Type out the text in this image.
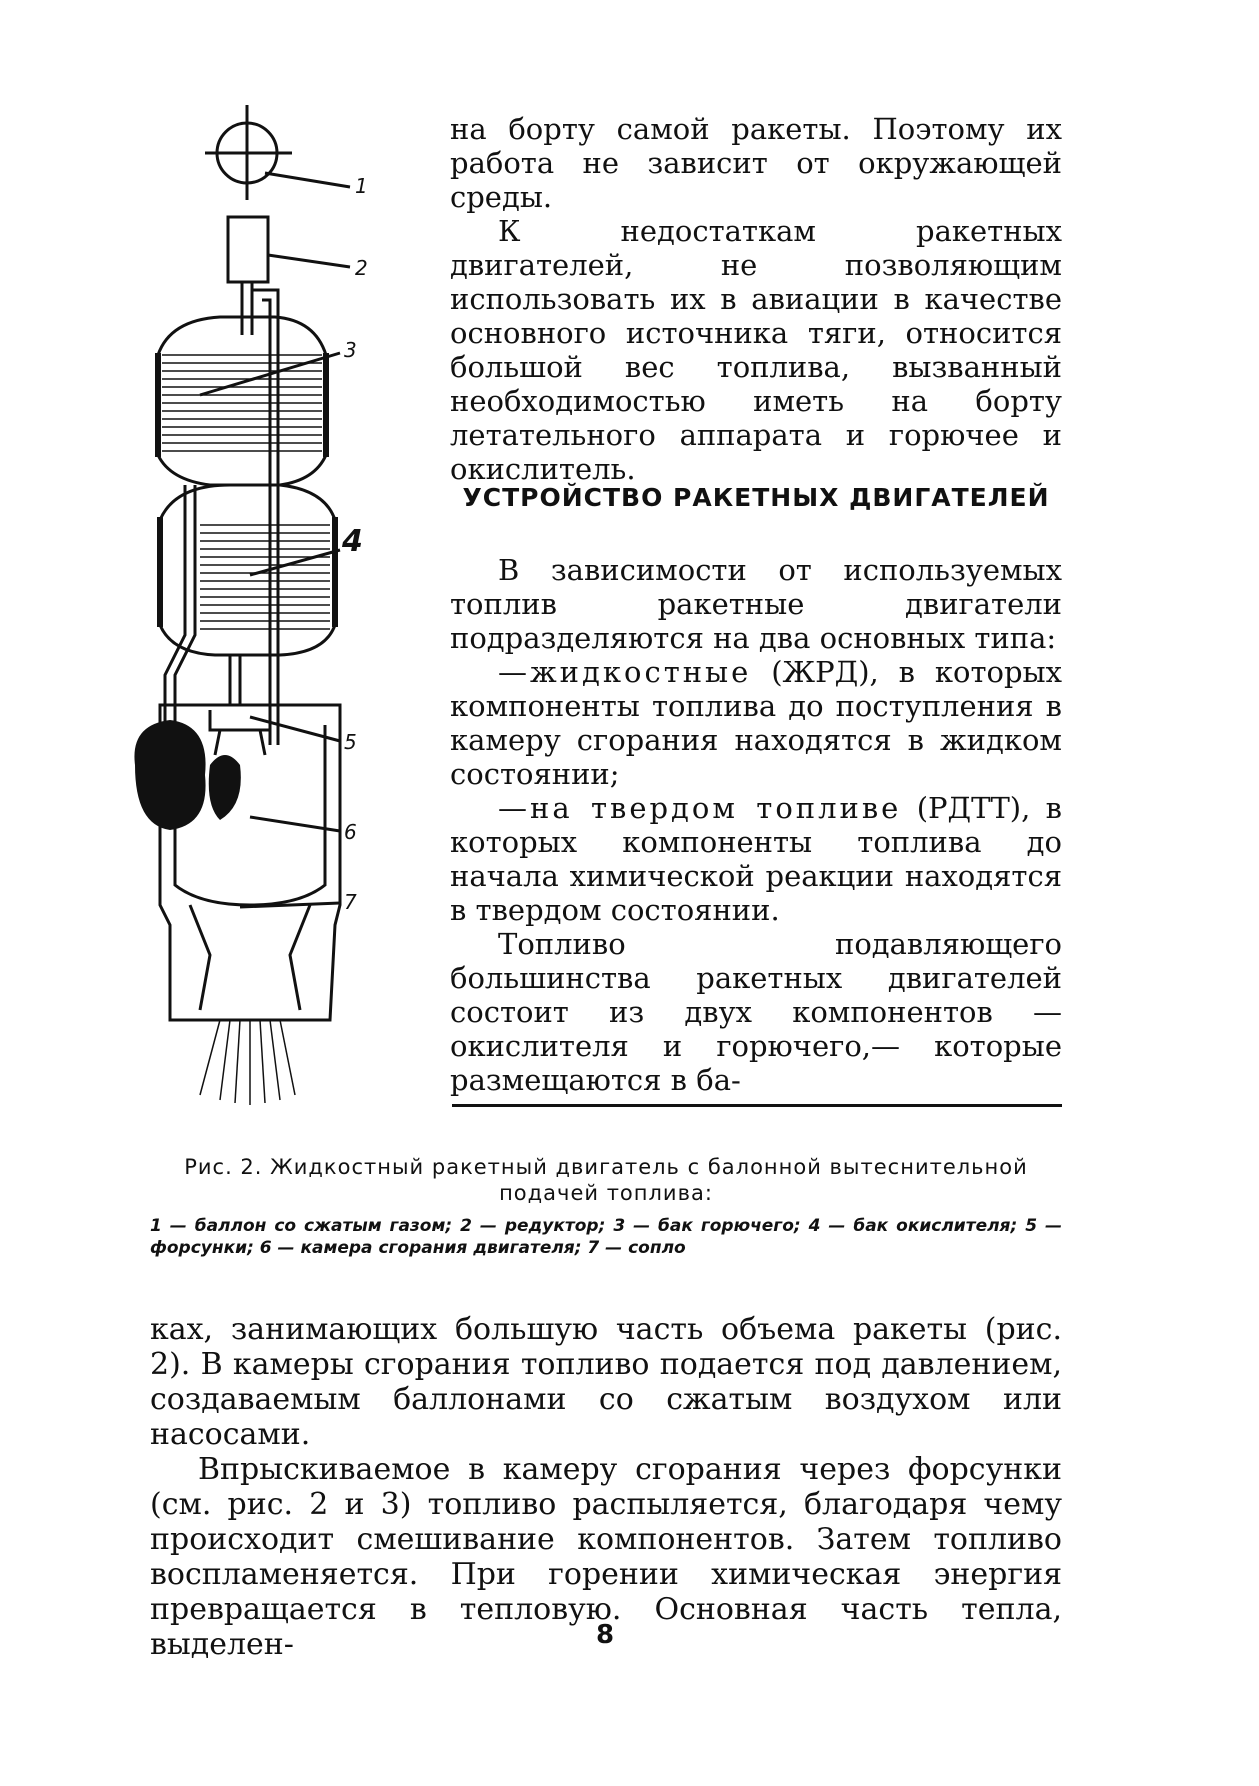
1
2
3
4
5
6
7

на борту самой ракеты. Поэтому их работа не зависит от окружающей среды.

К недостаткам ракетных двигателей, не позволяющим использовать их в авиации в качестве основного источника тяги, относится большой вес топлива, вызванный необходимостью иметь на борту летательного аппарата и горючее и окислитель.

УСТРОЙСТВО РАКЕТНЫХ ДВИГАТЕЛЕЙ

В зависимости от используемых топлив ракетные двигатели подразделяются на два основных типа:

—жидкостные (ЖРД), в которых компоненты топлива до поступления в камеру сгорания находятся в жидком состоянии;

—на твердом топливе (РДТТ), в которых компоненты топлива до начала химической реакции находятся в твердом состоянии.

Топливо подавляющего большинства ракетных двигателей состоит из двух компонентов — окислителя и горючего,— которые размещаются в ба-

Рис. 2. Жидкостный ракетный двигатель с балонной вытеснительной подачей топлива:

1 — баллон со сжатым газом; 2 — редуктор; 3 — бак горючего; 4 — бак окислителя; 5 — форсунки; 6 — камера сгорания двигателя; 7 — сопло

ках, занимающих большую часть объема ракеты (рис. 2). В камеры сгорания топливо подается под давлением, создаваемым баллонами со сжатым воздухом или насосами.

Впрыскиваемое в камеру сгорания через форсунки (см. рис. 2 и 3) топливо распыляется, благодаря чему происходит смешивание компонентов. Затем топливо воспламеняется. При горении химическая энергия превращается в тепловую. Основная часть тепла, выделен-	8
